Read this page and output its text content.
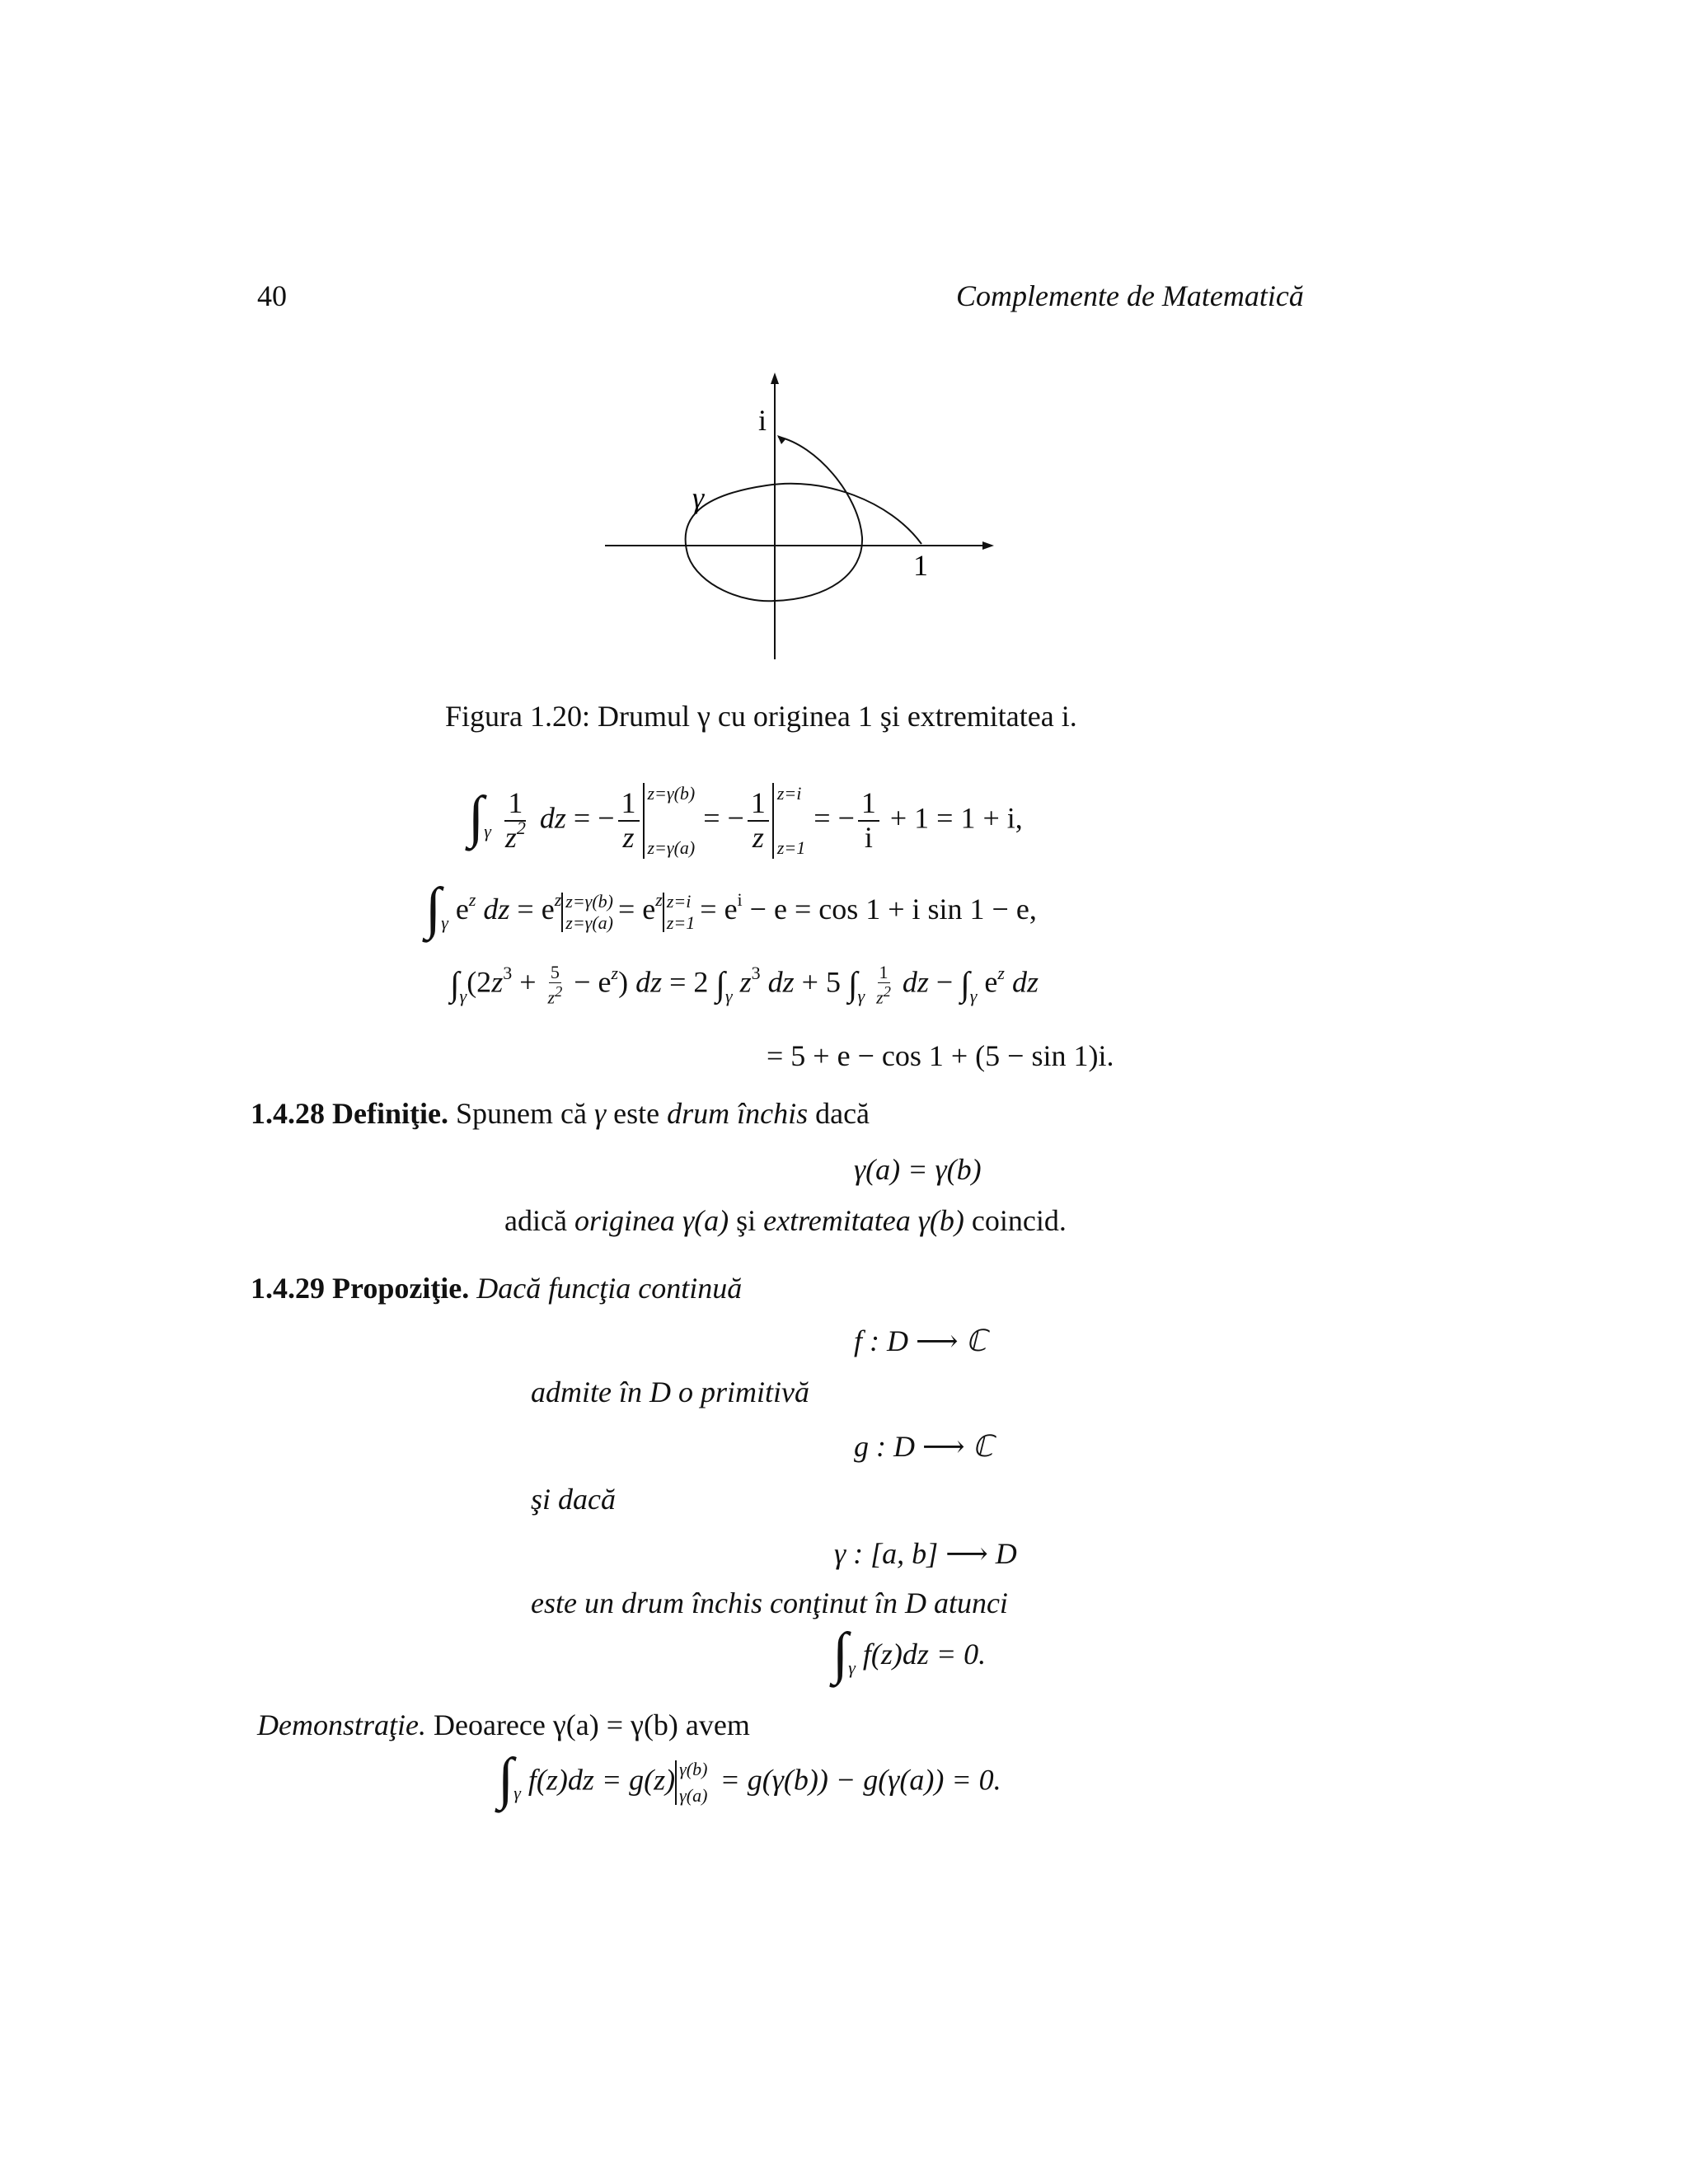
40	Complemente de Matematică
i
γ
1
Figura 1.20: Drumul γ cu originea 1 şi extremitatea i.
$\int_\gamma \frac{1}{z^2}$ dz = − $\frac{1}{z} z=\gamma(b)$
z=γ(a)
= − $\frac{1}{z} z=i$
z=1
= − $\frac{1}{i} + 1 = 1 + i$,
$\int_\gamma$ $e^z$ dz = $e^z$ z=γ(b)
$z=\gamma(a) = e^z$ z=i
$z=1 = e^i - e = \cos 1 + i$ sin 1 − e,
$\int_\gamma(2z^3 + \frac{5}{z^2} - e^z)$ dz = 2 $\int_\gamma$ $z^3$ dz + 5 $\int_\gamma \frac{1}{z^2}$ dz − $\int_\gamma$ $e^z$ dz
= 5 + e − cos 1 + (5 − sin 1)i.
1.4.28 Definiţie. Spunem că γ este drum închis dacă
γ(a) = γ(b)
adică originea γ(a) şi extremitatea γ(b) coincid.
1.4.29 Propoziţie. Dacă funcţia continuă
f : D ⟶ ℂ
admite în D o primitivă
g : D ⟶ ℂ
şi dacă
γ : [a, b] ⟶ D
este un drum închis conţinut în D atunci
$\int_\gamma$ f(z)dz = 0.
Demonstraţie. Deoarece γ(a) = γ(b) avem
$\int_\gamma$ f(z)dz = g(z) γ(b)
γ(a) = g(γ(b)) − g(γ(a)) = 0.
